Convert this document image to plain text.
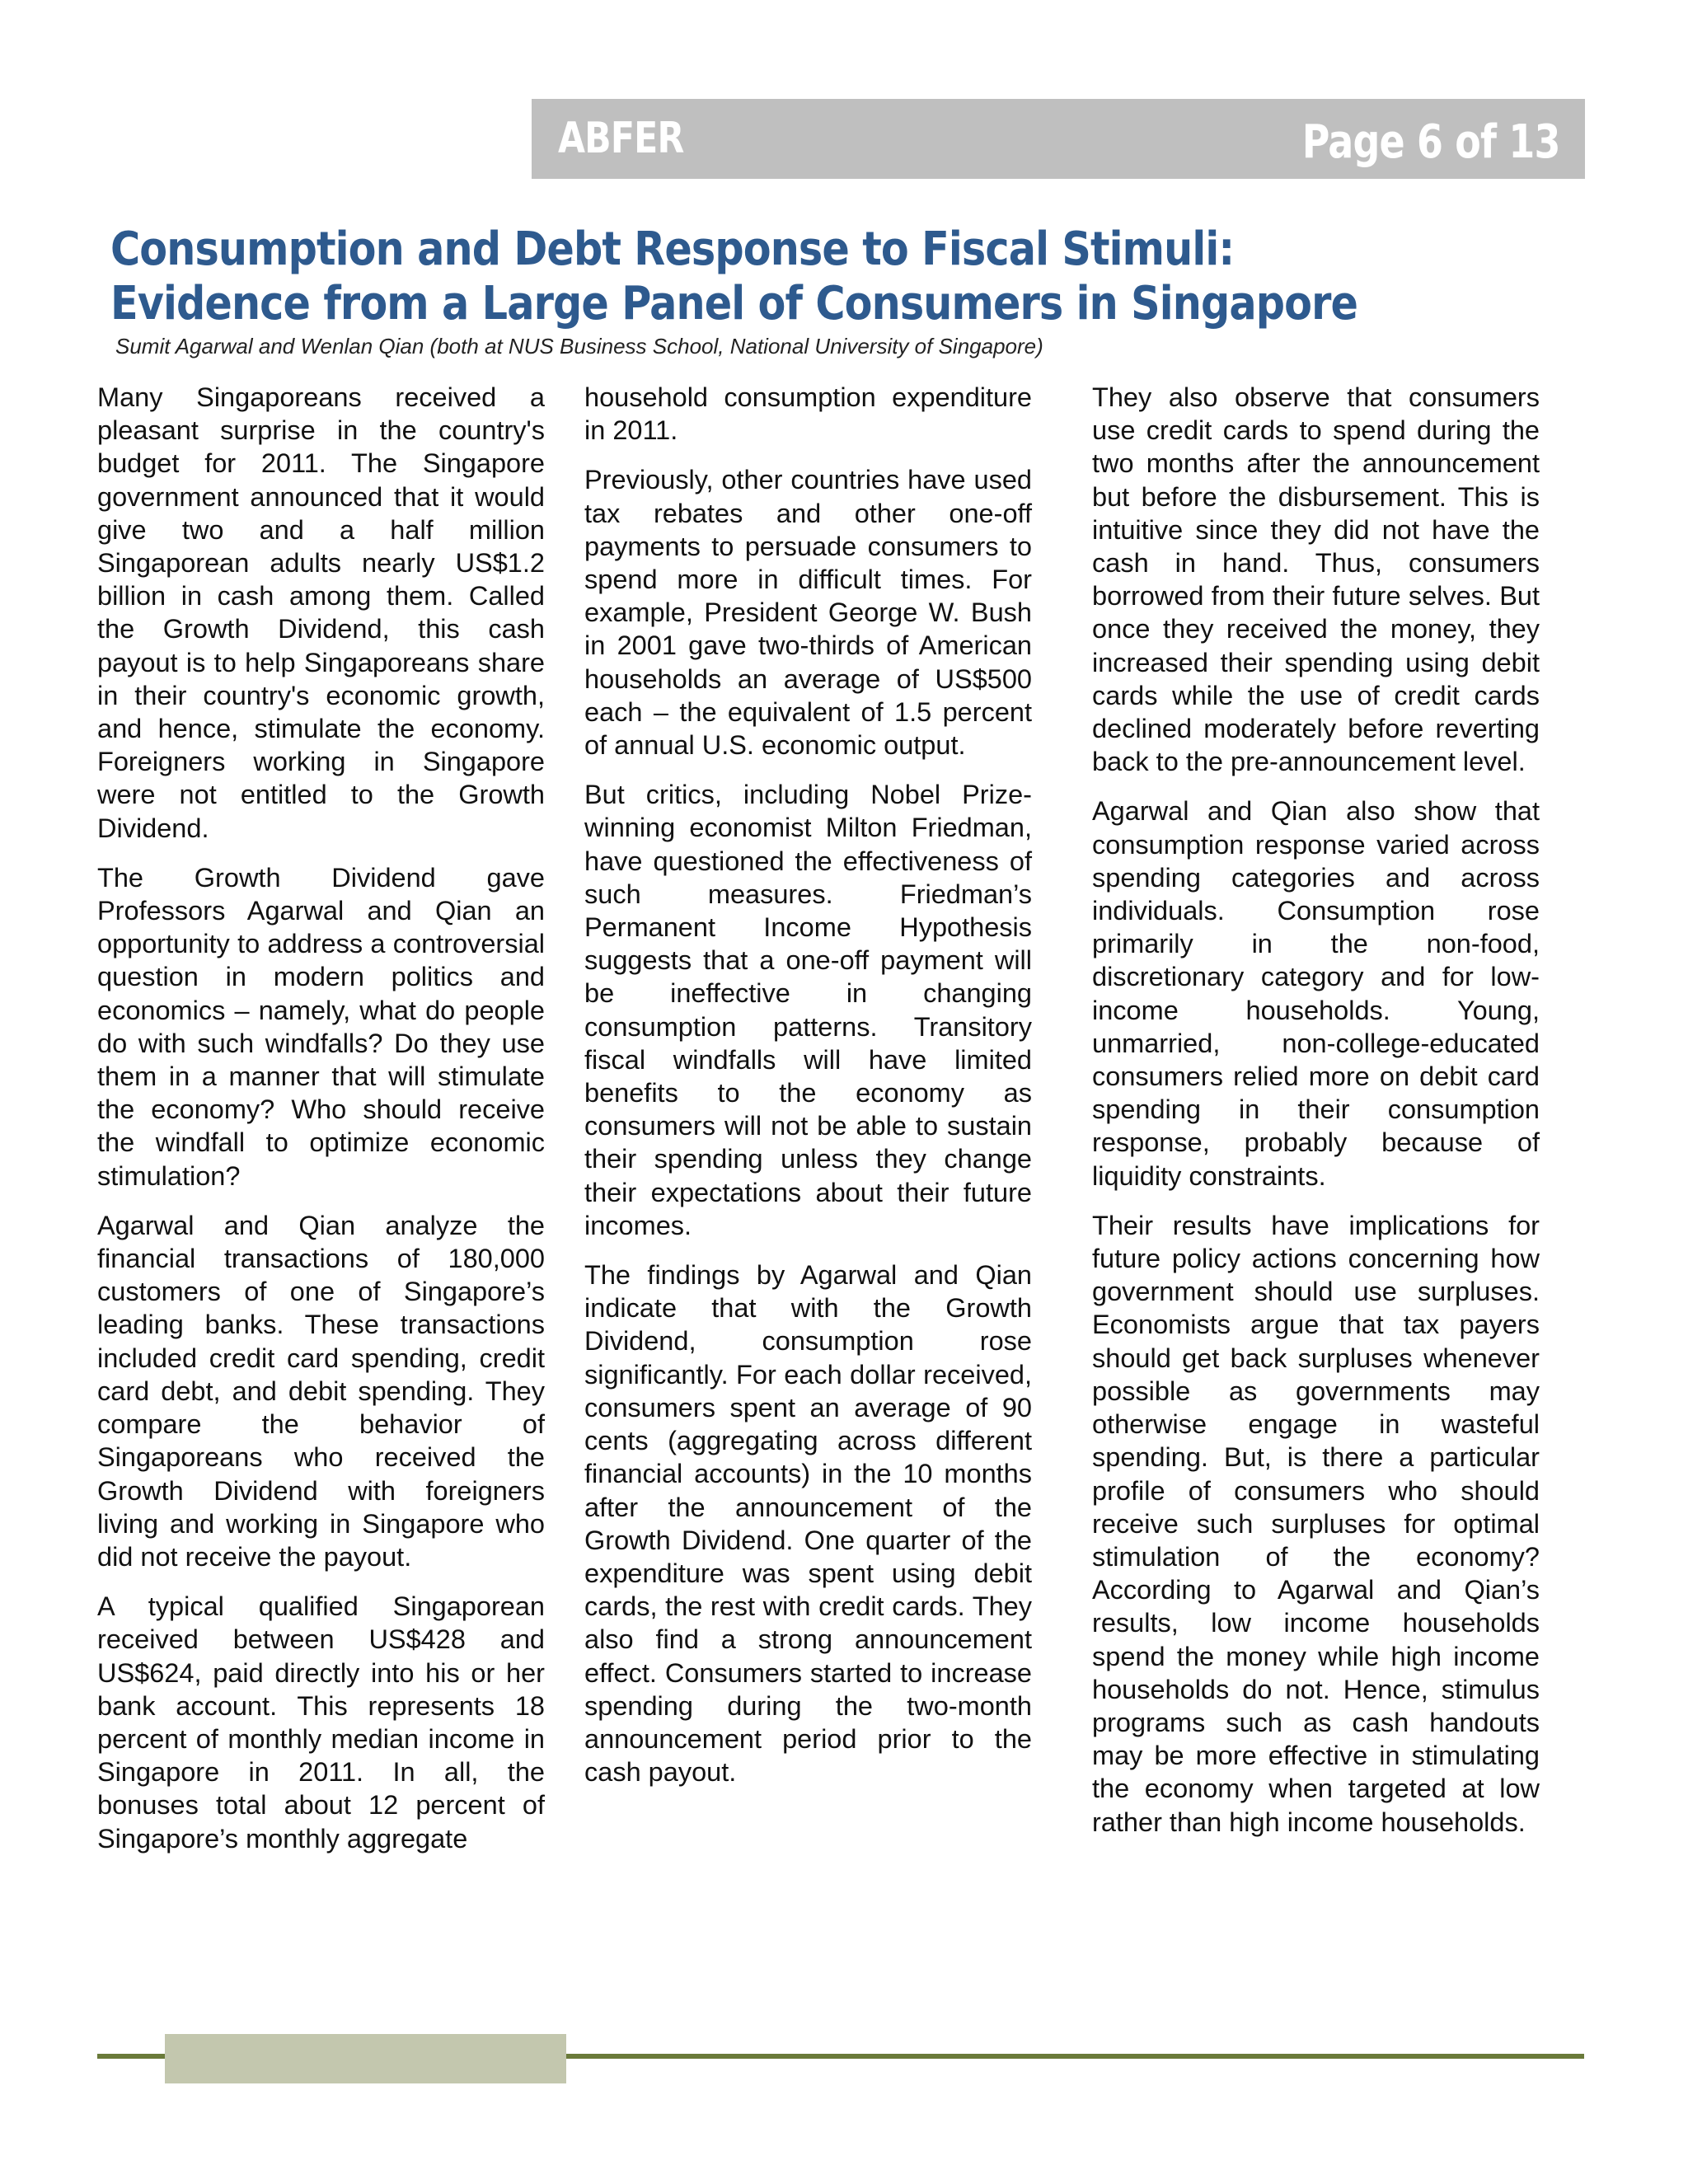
ABFER	Page 6 of 13
Consumption and Debt Response to Fiscal Stimuli: Evidence from a Large Panel of Consumers in Singapore
Sumit Agarwal and Wenlan Qian (both at NUS Business School, National University of Singapore)

Many Singaporeans received a pleasant surprise in the country's budget for 2011. The Singapore government announced that it would give two and a half million Singaporean adults nearly US$1.2 billion in cash among them. Called the Growth Dividend, this cash payout is to help Singaporeans share in their country's economic growth, and hence, stimulate the economy. Foreigners working in Singapore were not entitled to the Growth Dividend.

The Growth Dividend gave Professors Agarwal and Qian an opportunity to address a controversial question in modern politics and economics – namely, what do people do with such windfalls? Do they use them in a manner that will stimulate the economy? Who should receive the windfall to optimize economic stimulation?

Agarwal and Qian analyze the financial transactions of 180,000 customers of one of Singapore’s leading banks. These transactions included credit card spending, credit card debt, and debit spending. They compare the behavior of Singaporeans who received the Growth Dividend with foreigners living and working in Singapore who did not receive the payout.

A typical qualified Singaporean received between US$428 and US$624, paid directly into his or her bank account. This represents 18 percent of monthly median income in Singapore in 2011. In all, the bonuses total about 12 percent of Singapore’s monthly aggregate

household consumption expenditure in 2011.

Previously, other countries have used tax rebates and other one-off payments to persuade consumers to spend more in difficult times. For example, President George W. Bush in 2001 gave two-thirds of American households an average of US$500 each – the equivalent of 1.5 percent of annual U.S. economic output.

But critics, including Nobel Prize-winning economist Milton Friedman, have questioned the effectiveness of such measures. Friedman’s Permanent Income Hypothesis suggests that a one-off payment will be ineffective in changing consumption patterns. Transitory fiscal windfalls will have limited benefits to the economy as consumers will not be able to sustain their spending unless they change their expectations about their future incomes.

The findings by Agarwal and Qian indicate that with the Growth Dividend, consumption rose significantly. For each dollar received, consumers spent an average of 90 cents (aggregating across different financial accounts) in the 10 months after the announcement of the Growth Dividend. One quarter of the expenditure was spent using debit cards, the rest with credit cards. They also find a strong announcement effect. Consumers started to increase spending during the two-month announcement period prior to the cash payout.

They also observe that consumers use credit cards to spend during the two months after the announcement but before the disbursement. This is intuitive since they did not have the cash in hand. Thus, consumers borrowed from their future selves. But once they received the money, they increased their spending using debit cards while the use of credit cards declined moderately before reverting back to the pre-announcement level.

Agarwal and Qian also show that consumption response varied across spending categories and across individuals. Consumption rose primarily in the non-food, discretionary category and for low-income households. Young, unmarried, non-college-educated consumers relied more on debit card spending in their consumption response, probably because of liquidity constraints.

Their results have implications for future policy actions concerning how government should use surpluses. Economists argue that tax payers should get back surpluses whenever possible as governments may otherwise engage in wasteful spending. But, is there a particular profile of consumers who should receive such surpluses for optimal stimulation of the economy? According to Agarwal and Qian’s results, low income households spend the money while high income households do not. Hence, stimulus programs such as cash handouts may be more effective in stimulating the economy when targeted at low rather than high income households.
